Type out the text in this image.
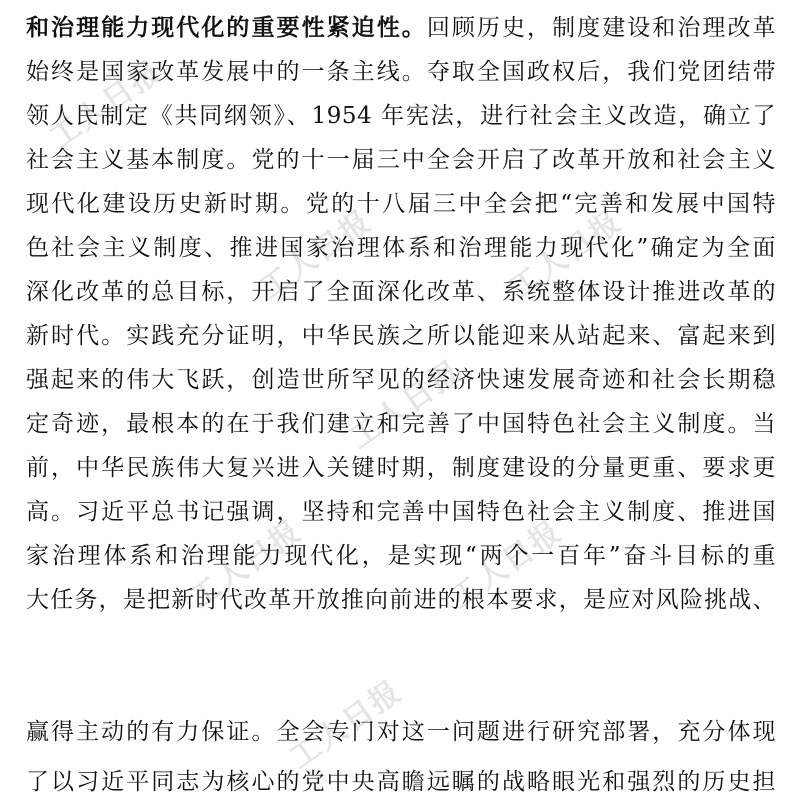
工人日报
工人日报	工人日报
工人日报
工人日报	工人日报
工人日报
和治理能力现代化的重要性紧迫性。回顾历史，制度建设和治理改革
始终是国家改革发展中的一条主线。夺取全国政权后，我们党团结带
领人民制定《共同纲领》、1954 年宪法，进行社会主义改造，确立了
社会主义基本制度。党的十一届三中全会开启了改革开放和社会主义
现代化建设历史新时期。党的十八届三中全会把“完善和发展中国特
色社会主义制度、推进国家治理体系和治理能力现代化”确定为全面
深化改革的总目标，开启了全面深化改革、系统整体设计推进改革的
新时代。实践充分证明，中华民族之所以能迎来从站起来、富起来到
强起来的伟大飞跃，创造世所罕见的经济快速发展奇迹和社会长期稳
定奇迹，最根本的在于我们建立和完善了中国特色社会主义制度。当
前，中华民族伟大复兴进入关键时期，制度建设的分量更重、要求更
高。习近平总书记强调，坚持和完善中国特色社会主义制度、推进国
家治理体系和治理能力现代化，是实现“两个一百年”奋斗目标的重
大任务，是把新时代改革开放推向前进的根本要求，是应对风险挑战、
赢得主动的有力保证。全会专门对这一问题进行研究部署，充分体现
了以习近平同志为核心的党中央高瞻远瞩的战略眼光和强烈的历史担
